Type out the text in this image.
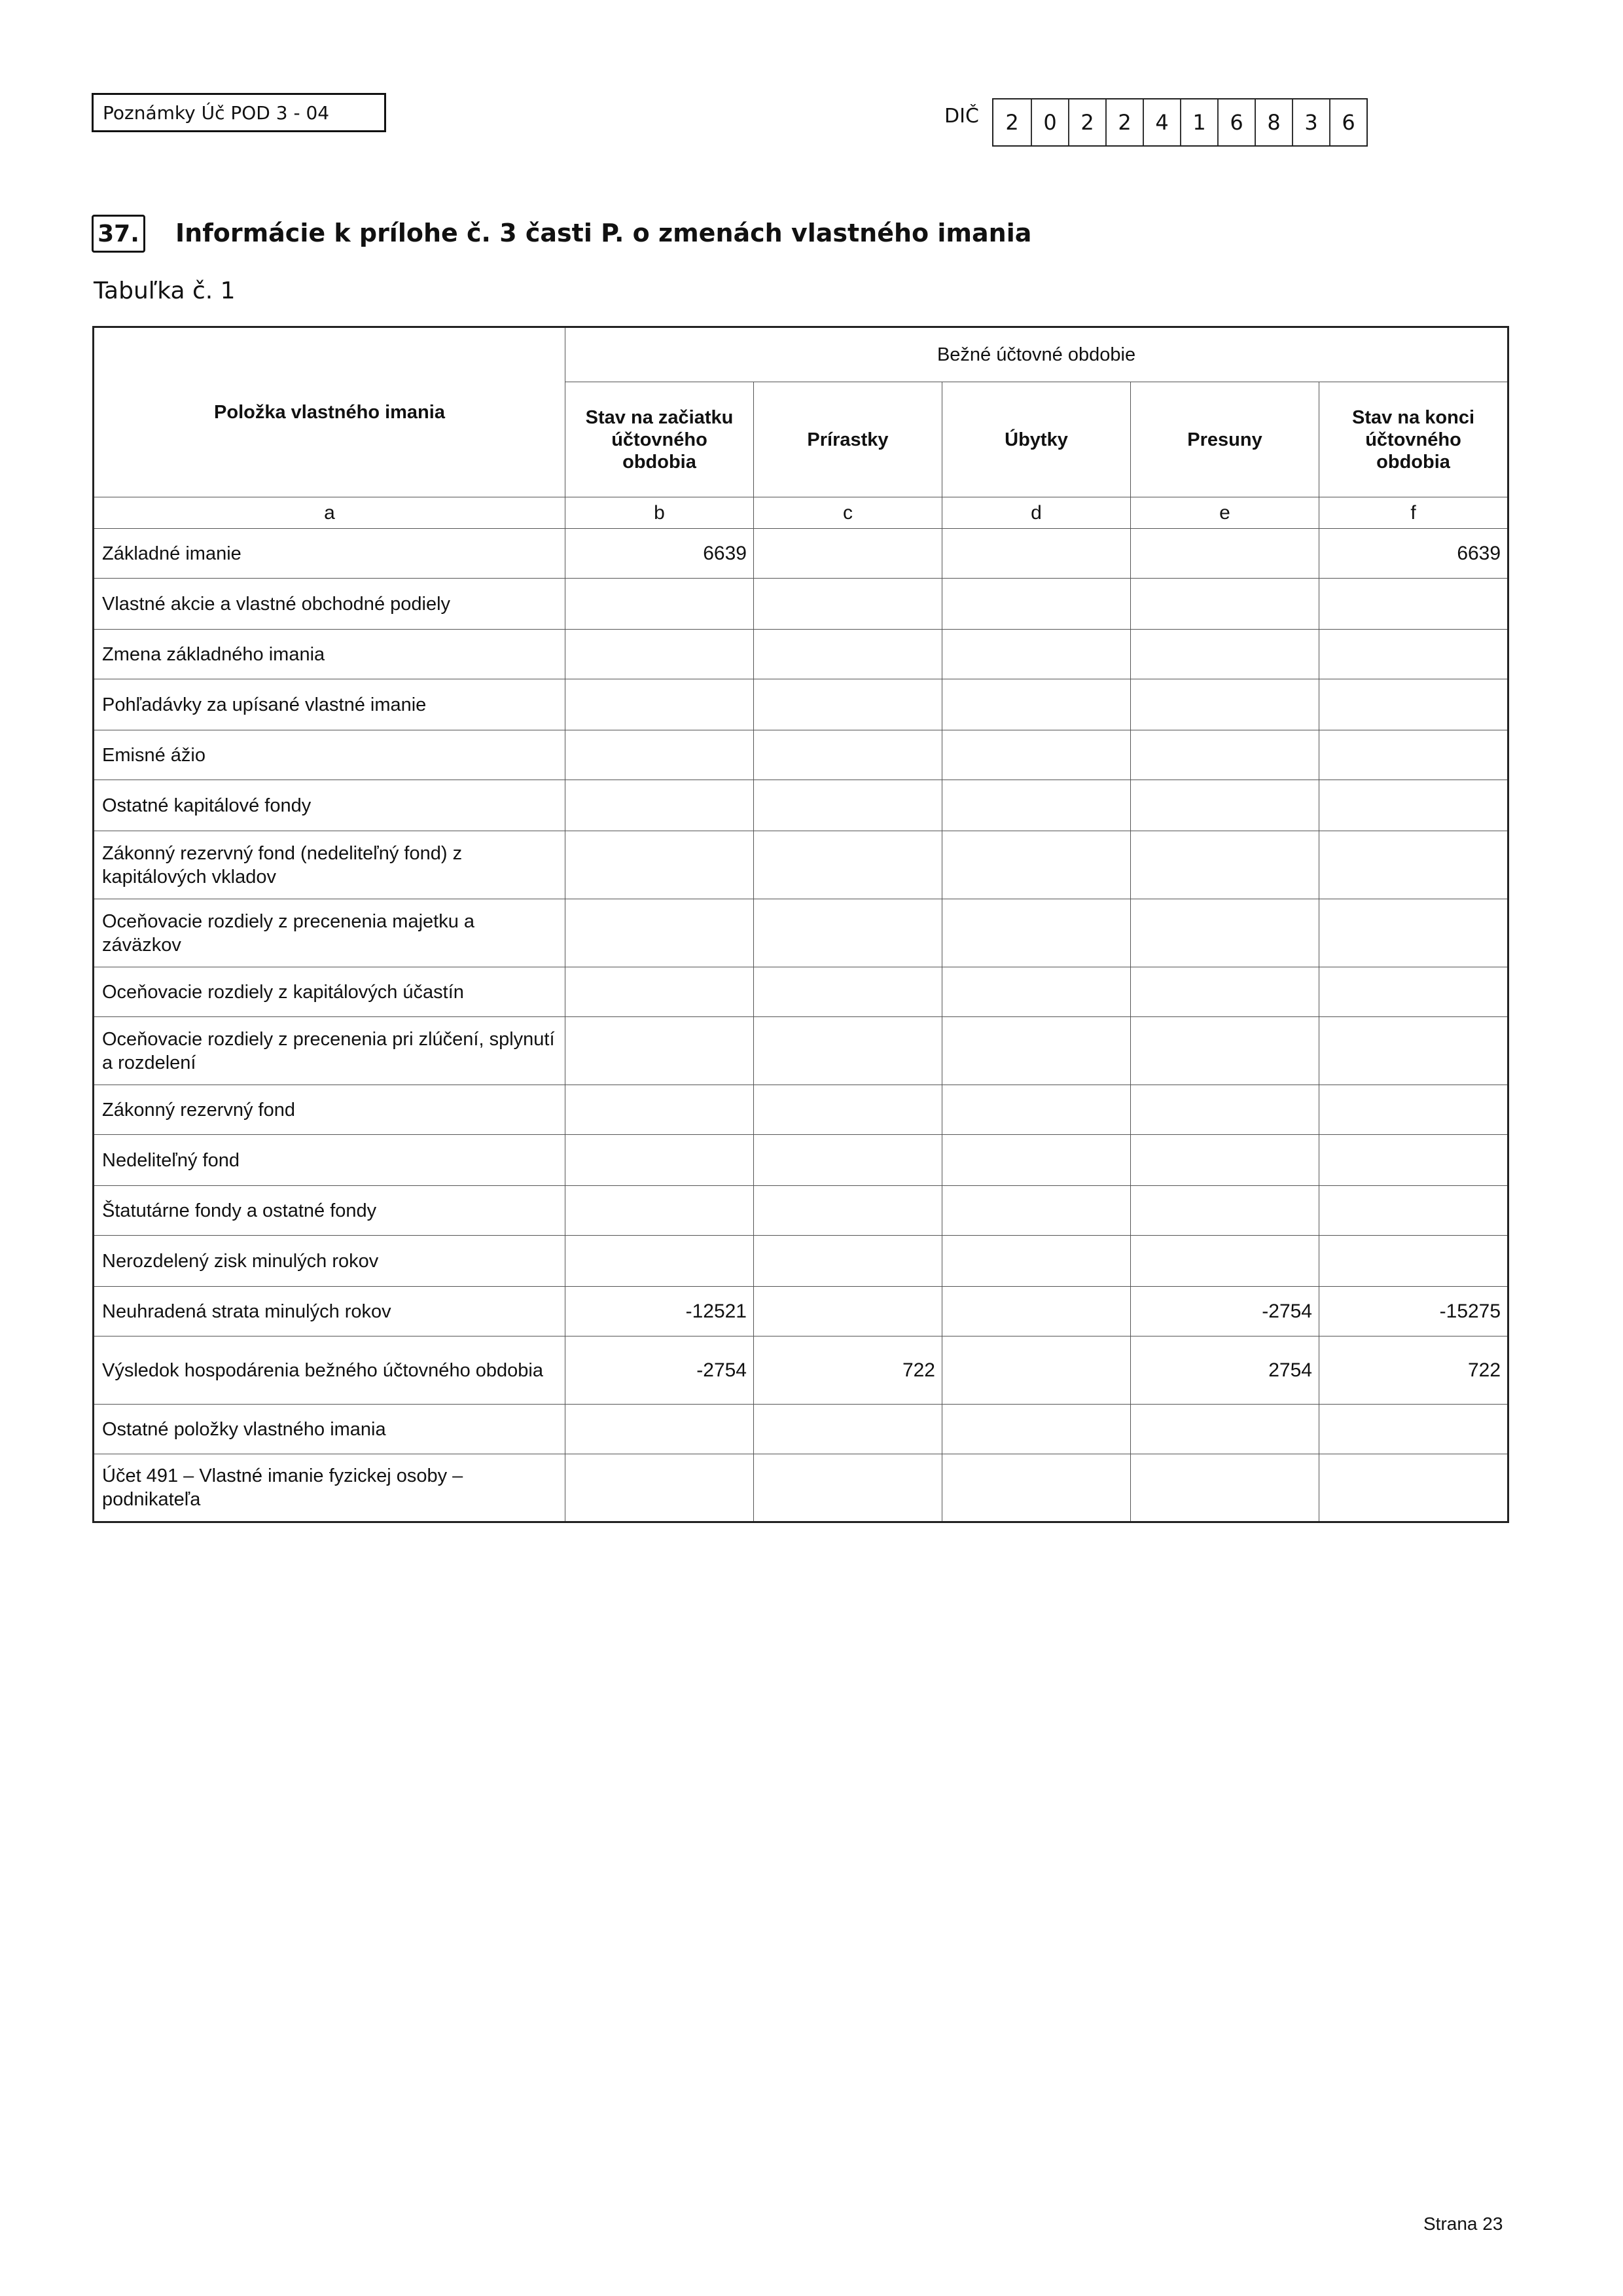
Poznámky Úč POD 3 - 04	DIČ	2	0	2	2	4	1	6	8	3	6
37. Informácie k prílohe č. 3 časti P. o zmenách vlastného imania
Tabuľka č. 1
Položka vlastného imania	Bežné účtovné obdobie				
	Stav na začiatku účtovného obdobia	Prírastky	Úbytky	Presuny	Stav na konci účtovného obdobia
a	b	c	d	e	f
Základné imanie	6639				6639
Vlastné akcie a vlastné obchodné podiely					
Zmena základného imania					
Pohľadávky za upísané vlastné imanie					
Emisné ážio					
Ostatné kapitálové fondy					
Zákonný rezervný fond (nedeliteľný fond) z kapitálových vkladov					
Oceňovacie rozdiely z precenenia majetku a záväzkov					
Oceňovacie rozdiely z kapitálových účastín					
Oceňovacie rozdiely z precenenia pri zlúčení, splynutí a rozdelení					
Zákonný rezervný fond					
Nedeliteľný fond					
Štatutárne fondy a ostatné fondy					
Nerozdelený zisk minulých rokov					
Neuhradená strata minulých rokov	-12521			-2754	-15275
Výsledok hospodárenia bežného účtovného obdobia	-2754	722		2754	722
Ostatné položky vlastného imania					
Účet 491 – Vlastné imanie fyzickej osoby – podnikateľa					
Strana 23
